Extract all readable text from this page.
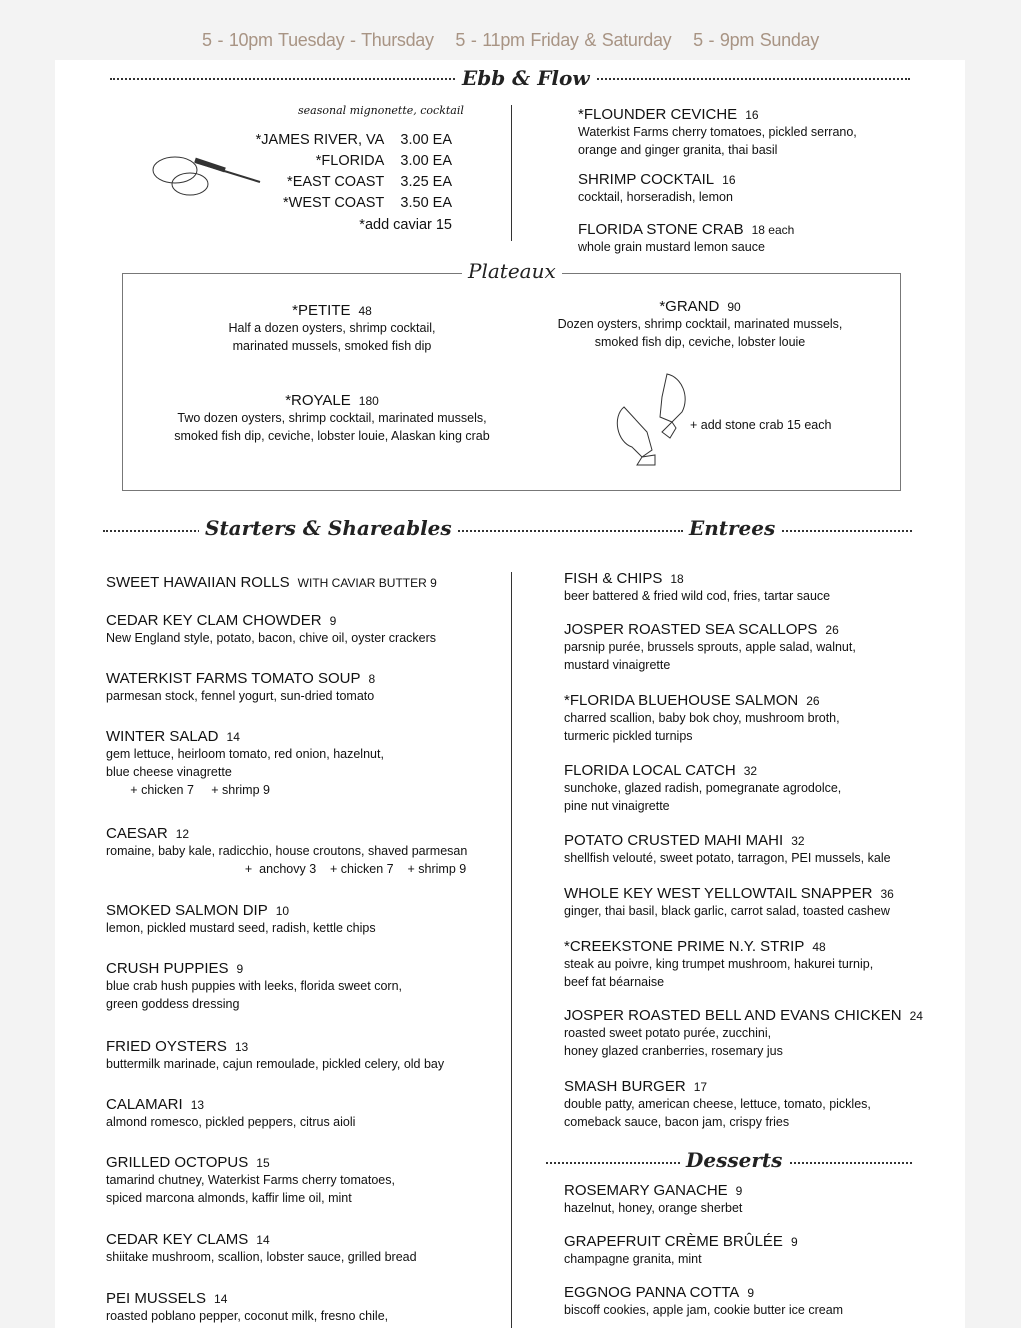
5 - 10pm Tuesday - Thursday 5 - 11pm Friday & Saturday 5 - 9pm Sunday
Ebb & Flow
seasonal mignonette, cocktail
*JAMES RIVER, VA 3.00 EA
*FLORIDA 3.00 EA
*EAST COAST 3.25 EA
*WEST COAST 3.50 EA
*add caviar 15
*FLOUNDER CEVICHE 16
Waterkist Farms cherry tomatoes, pickled serrano,
orange and ginger granita, thai basil
SHRIMP COCKTAIL 16
cocktail, horseradish, lemon
FLORIDA STONE CRAB 18 each
whole grain mustard lemon sauce
Plateaux
*PETITE 48
Half a dozen oysters, shrimp cocktail,
marinated mussels, smoked fish dip
*GRAND 90
Dozen oysters, shrimp cocktail, marinated mussels,
smoked fish dip, ceviche, lobster louie
*ROYALE 180
Two dozen oysters, shrimp cocktail, marinated mussels,
smoked fish dip, ceviche, lobster louie, Alaskan king crab
+ add stone crab 15 each
Starters & Shareables	Entrees
Desserts
SWEET HAWAIIAN ROLLS WITH CAVIAR BUTTER 9
CEDAR KEY CLAM CHOWDER 9
New England style, potato, bacon, chive oil, oyster crackers
WATERKIST FARMS TOMATO SOUP 8
parmesan stock, fennel yogurt, sun-dried tomato
WINTER SALAD 14
gem lettuce, heirloom tomato, red onion, hazelnut,
blue cheese vinagrette
+ chicken 7     + shrimp 9
CAESAR 12
romaine, baby kale, radicchio, house croutons, shaved parmesan
+  anchovy 3    + chicken 7    + shrimp 9
SMOKED SALMON DIP 10
lemon, pickled mustard seed, radish, kettle chips
CRUSH PUPPIES 9
blue crab hush puppies with leeks, florida sweet corn,
green goddess dressing
FRIED OYSTERS 13
buttermilk marinade, cajun remoulade, pickled celery, old bay
CALAMARI 13
almond romesco, pickled peppers, citrus aioli
GRILLED OCTOPUS 15
tamarind chutney, Waterkist Farms cherry tomatoes,
spiced marcona almonds, kaffir lime oil, mint
CEDAR KEY CLAMS 14
shiitake mushroom, scallion, lobster sauce, grilled bread
PEI MUSSELS 14
roasted poblano pepper, coconut milk, fresno chile,
FISH & CHIPS 18
beer battered & fried wild cod, fries, tartar sauce
JOSPER ROASTED SEA SCALLOPS 26
parsnip purée, brussels sprouts, apple salad, walnut,
mustard vinaigrette
*FLORIDA BLUEHOUSE SALMON 26
charred scallion, baby bok choy, mushroom broth,
turmeric pickled turnips
FLORIDA LOCAL CATCH 32
sunchoke, glazed radish, pomegranate agrodolce,
pine nut vinaigrette
POTATO CRUSTED MAHI MAHI 32
shellfish velouté, sweet potato, tarragon, PEI mussels, kale
WHOLE KEY WEST YELLOWTAIL SNAPPER 36
ginger, thai basil, black garlic, carrot salad, toasted cashew
*CREEKSTONE PRIME N.Y. STRIP 48
steak au poivre, king trumpet mushroom, hakurei turnip,
beef fat béarnaise
JOSPER ROASTED BELL AND EVANS CHICKEN 24
roasted sweet potato purée, zucchini,
honey glazed cranberries, rosemary jus
SMASH BURGER 17
double patty, american cheese, lettuce, tomato, pickles,
comeback sauce, bacon jam, crispy fries
ROSEMARY GANACHE 9
hazelnut, honey, orange sherbet
GRAPEFRUIT CRÈME BRÛLÉE 9
champagne granita, mint
EGGNOG PANNA COTTA 9
biscoff cookies, apple jam, cookie butter ice cream
